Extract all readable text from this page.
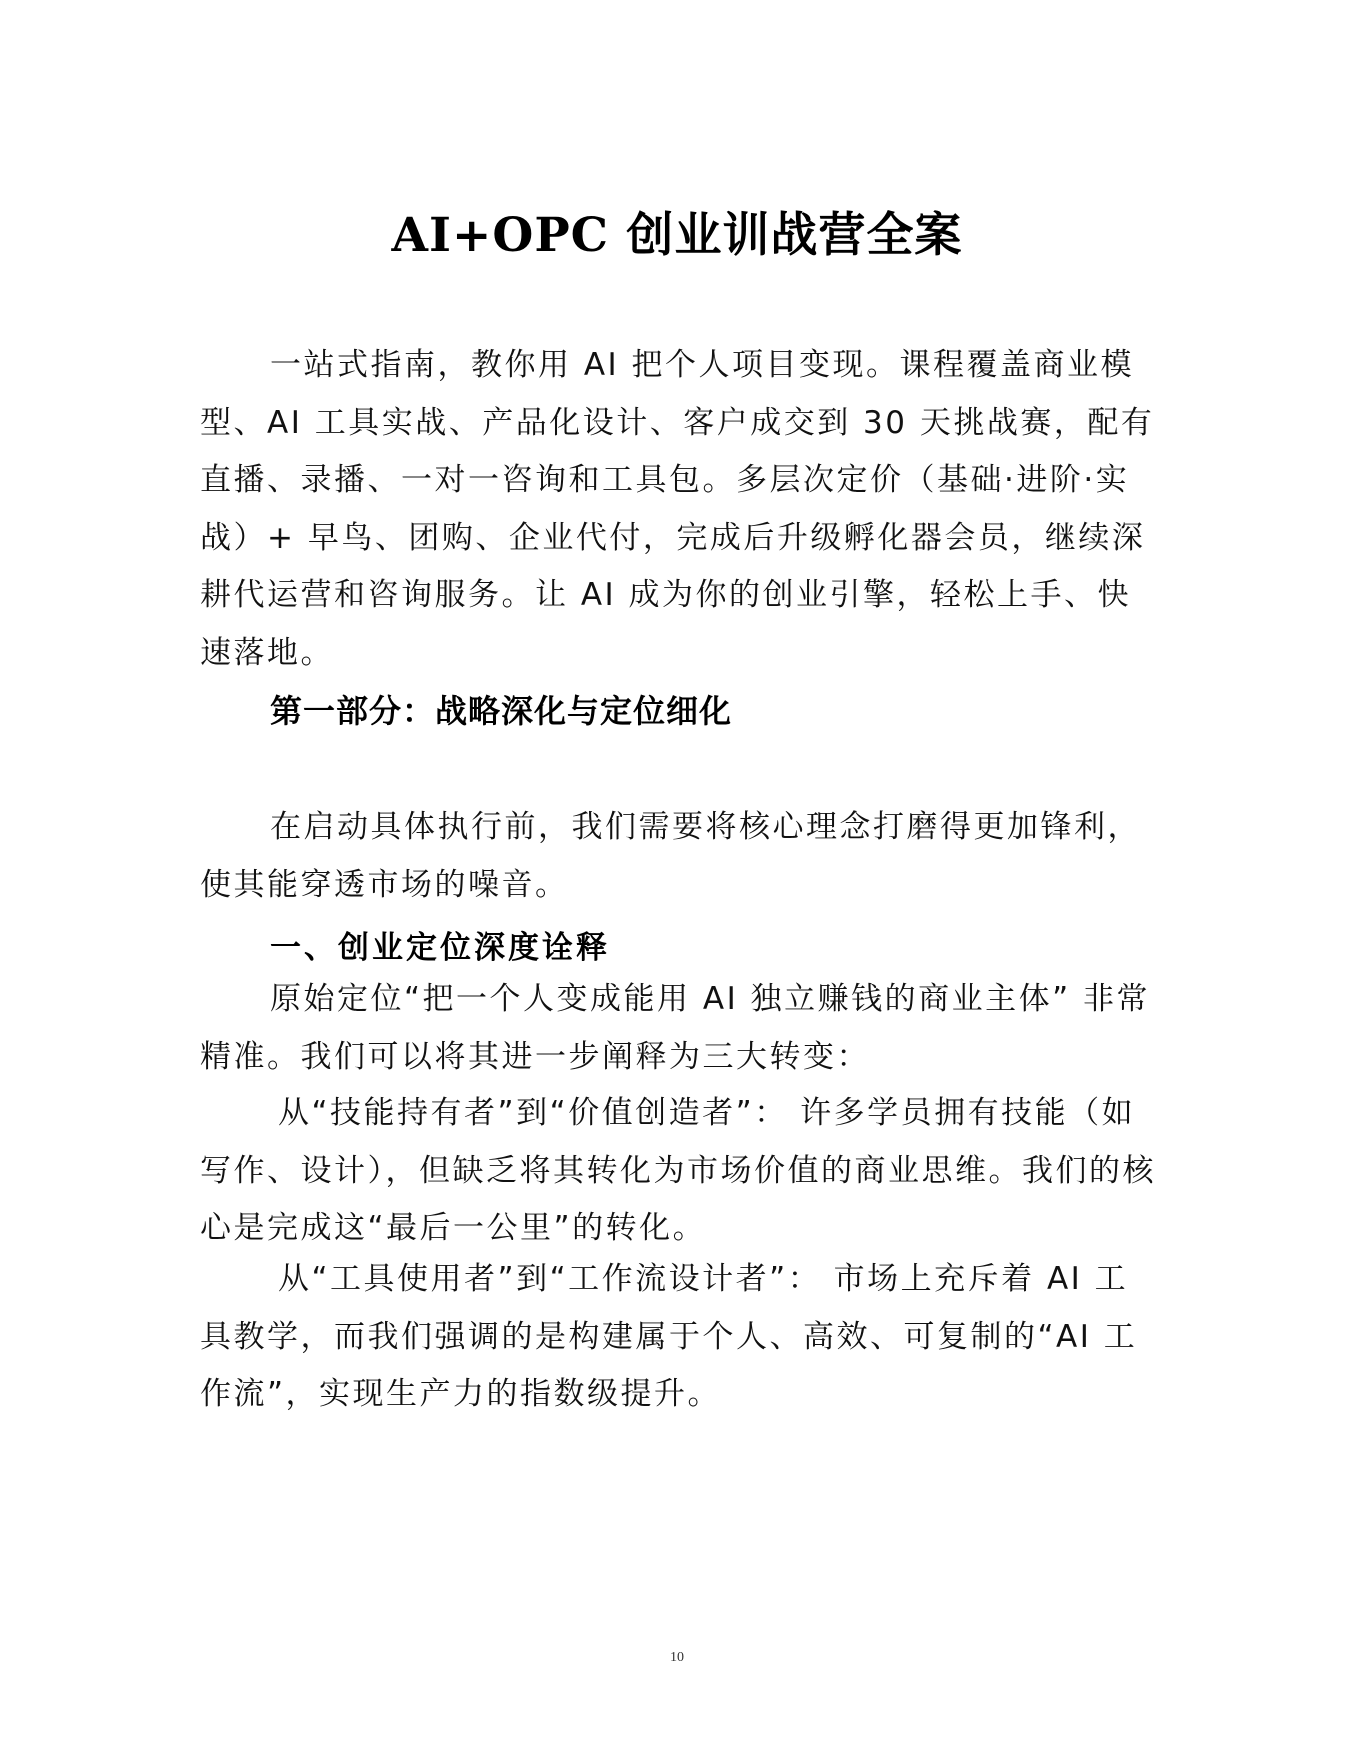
AI+OPC 创业训战营全案

一站式指南，教你用 AI 把个人项目变现。课程覆盖商业模型、AI 工具实战、产品化设计、客户成交到 30 天挑战赛，配有直播、录播、一对一咨询和工具包。多层次定价（基础·进阶·实战）+ 早鸟、团购、企业代付，完成后升级孵化器会员，继续深耕代运营和咨询服务。让 AI 成为你的创业引擎，轻松上手、快速落地。

第一部分：战略深化与定位细化

在启动具体执行前，我们需要将核心理念打磨得更加锋利，使其能穿透市场的噪音。

一、创业定位深度诠释

原始定位“把一个人变成能用 AI 独立赚钱的商业主体” 非常精准。我们可以将其进一步阐释为三大转变：

从“技能持有者”到“价值创造者”： 许多学员拥有技能（如写作、设计），但缺乏将其转化为市场价值的商业思维。我们的核心是完成这“最后一公里”的转化。

从“工具使用者”到“工作流设计者”： 市场上充斥着 AI 工具教学，而我们强调的是构建属于个人、高效、可复制的“AI 工作流”，实现生产力的指数级提升。

10
